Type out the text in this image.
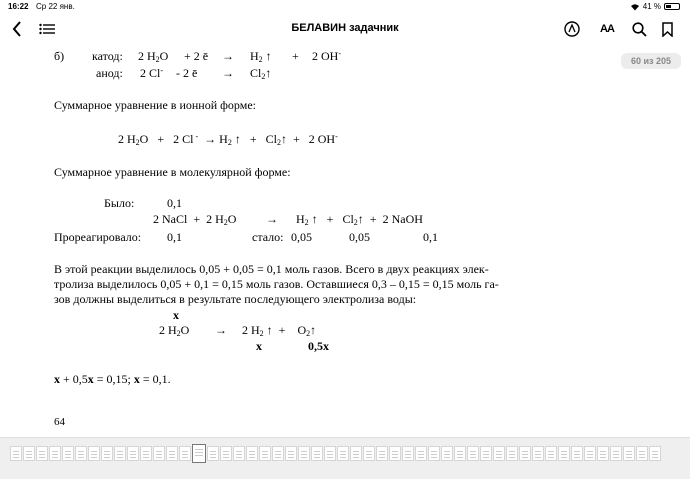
16:22 Ср 22 янв.	41 %
БЕЛАВИН задачник	AA
60 из 205
б) катод: 2 $H_2O + 2$ ē → $H_2$ ↑ + 2 OH-
анод: 2 Cl- - 2 ē → $Cl_2↑$
Суммарное уравнение в ионной форме:
2 $H_2O + 2$ Cl $^- \to H_2$ ↑ + $Cl_2↑ + 2$ OH-
Суммарное уравнение в молекулярной форме:
Было:	0,1
2 NaCl + 2 $H_2O \to H_2$ ↑ + $Cl_2↑ + 2$ NaOH
Прореагировало: 0,1	стало: 0,05	0,05	0,1
В этой реакции выделилось 0,05 + 0,05 = 0,1 моль газов. Всего в двух реакциях элек-
тролиза выделилось 0,05 + 0,1 = 0,15 моль газов. Оставшиеся 0,3 – 0,15 = 0,15 моль га-
зов должны выделиться в результате последующего электролиза воды:
x
2 $H_2O \to 2$ $H_2$ ↑ + $O_2↑$
x	0,5x
x + 0,5x = 0,15; x = 0,1.
64
